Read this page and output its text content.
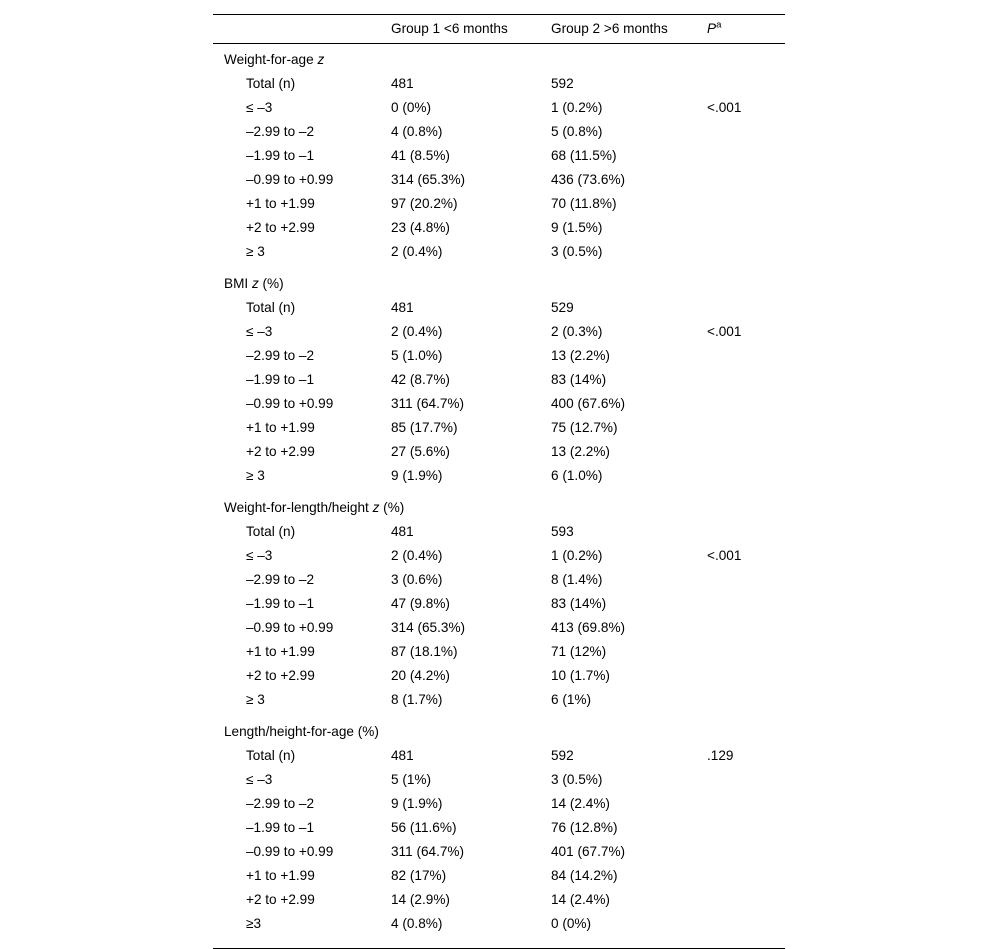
	Group 1 <6 months	Group 2 >6 months	$P^a$
Weight-for-age z			
Total (n)	481	592	
≤ –3	0 (0%)	1 (0.2%)	<.001
–2.99 to –2	4 (0.8%)	5 (0.8%)	
–1.99 to –1	41 (8.5%)	68 (11.5%)	
–0.99 to +0.99	314 (65.3%)	436 (73.6%)	
+1 to +1.99	97 (20.2%)	70 (11.8%)	
+2 to +2.99	23 (4.8%)	9 (1.5%)	
≥ 3	2 (0.4%)	3 (0.5%)	
BMI z (%)			
Total (n)	481	529	
≤ –3	2 (0.4%)	2 (0.3%)	<.001
–2.99 to –2	5 (1.0%)	13 (2.2%)	
–1.99 to –1	42 (8.7%)	83 (14%)	
–0.99 to +0.99	311 (64.7%)	400 (67.6%)	
+1 to +1.99	85 (17.7%)	75 (12.7%)	
+2 to +2.99	27 (5.6%)	13 (2.2%)	
≥ 3	9 (1.9%)	6 (1.0%)	
Weight-for-length/height z (%)			
Total (n)	481	593	
≤ –3	2 (0.4%)	1 (0.2%)	<.001
–2.99 to –2	3 (0.6%)	8 (1.4%)	
–1.99 to –1	47 (9.8%)	83 (14%)	
–0.99 to +0.99	314 (65.3%)	413 (69.8%)	
+1 to +1.99	87 (18.1%)	71 (12%)	
+2 to +2.99	20 (4.2%)	10 (1.7%)	
≥ 3	8 (1.7%)	6 (1%)	
Length/height-for-age (%)			
Total (n)	481	592	.129
≤ –3	5 (1%)	3 (0.5%)	
–2.99 to –2	9 (1.9%)	14 (2.4%)	
–1.99 to –1	56 (11.6%)	76 (12.8%)	
–0.99 to +0.99	311 (64.7%)	401 (67.7%)	
+1 to +1.99	82 (17%)	84 (14.2%)	
+2 to +2.99	14 (2.9%)	14 (2.4%)	
≥3	4 (0.8%)	0 (0%)	
